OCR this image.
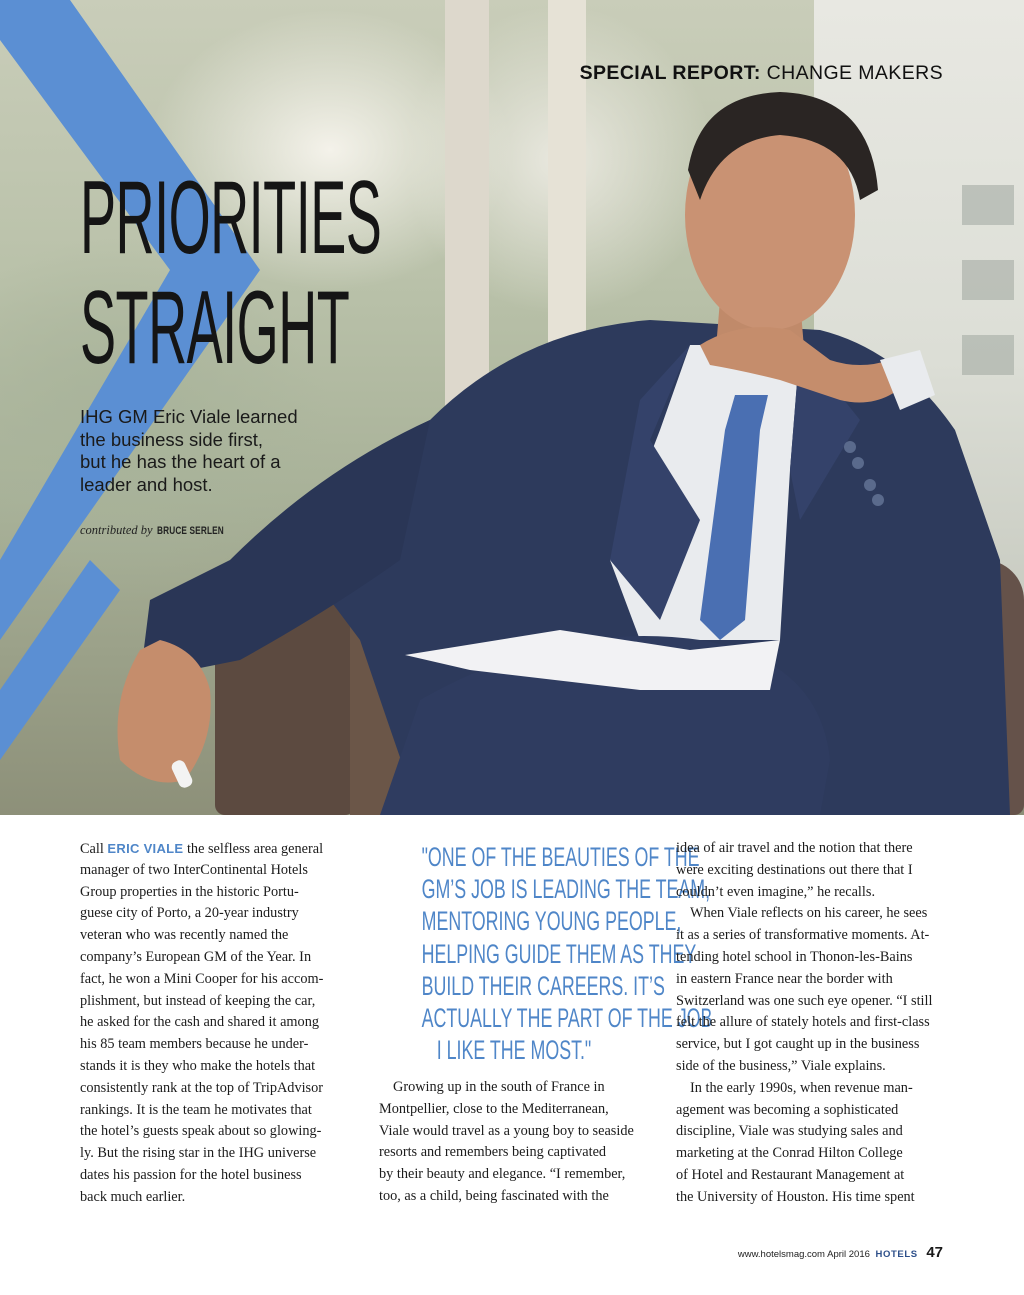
SPECIAL REPORT: CHANGE MAKERS
PRIORITIES
STRAIGHT
IHG GM Eric Viale learned
the business side first,
but he has the heart of a
leader and host.
contributed by BRUCE SERLEN
Call ERIC VIALE the selfless area general
manager of two InterContinental Hotels
Group properties in the historic Portu-
guese city of Porto, a 20-year industry
veteran who was recently named the
company’s European GM of the Year. In
fact, he won a Mini Cooper for his accom-
plishment, but instead of keeping the car,
he asked for the cash and shared it among
his 85 team members because he under-
stands it is they who make the hotels that
consistently rank at the top of TripAdvisor
rankings. It is the team he motivates that
the hotel’s guests speak about so glowing-
ly. But the rising star in the IHG universe
dates his passion for the hotel business
back much earlier.
"ONE OF THE BEAUTIES OF THE
GM’S JOB IS LEADING THE TEAM,
MENTORING YOUNG PEOPLE,
HELPING GUIDE THEM AS THEY
BUILD THEIR CAREERS. IT’S
ACTUALLY THE PART OF THE JOB
I LIKE THE MOST."
Growing up in the south of France in
Montpellier, close to the Mediterranean,
Viale would travel as a young boy to seaside
resorts and remembers being captivated
by their beauty and elegance. “I remember,
too, as a child, being fascinated with the
idea of air travel and the notion that there
were exciting destinations out there that I
couldn’t even imagine,” he recalls.
When Viale reflects on his career, he sees
it as a series of transformative moments. At-
tending hotel school in Thonon-les-Bains
in eastern France near the border with
Switzerland was one such eye opener. “I still
felt the allure of stately hotels and first-class
service, but I got caught up in the business
side of the business,” Viale explains.
In the early 1990s, when revenue man-
agement was becoming a sophisticated
discipline, Viale was studying sales and
marketing at the Conrad Hilton College
of Hotel and Restaurant Management at
the University of Houston. His time spent
www.hotelsmag.com April 2016 HOTELS 47
